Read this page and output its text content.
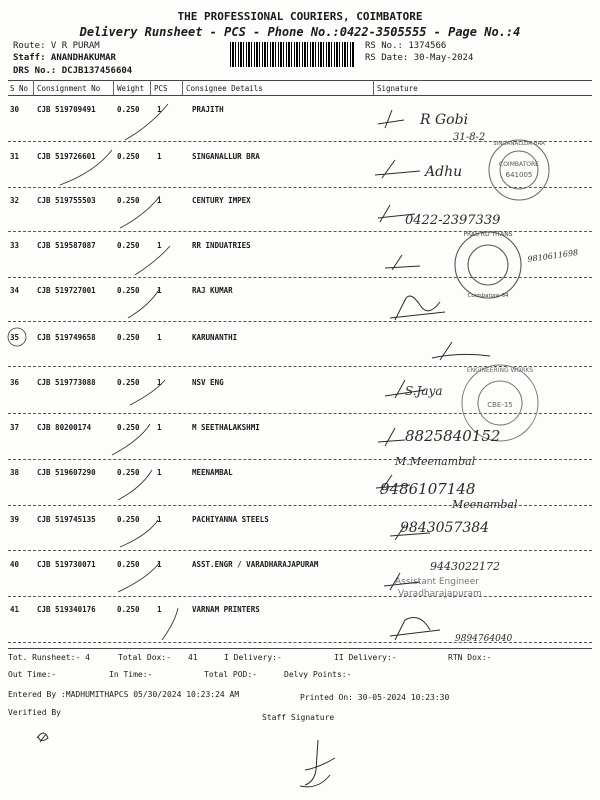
THE PROFESSIONAL COURIERS, COIMBATORE
Delivery Runsheet - PCS - Phone No.:0422-3505555 - Page No.:4
Route: V R PURAM
Staff: ANANDHAKUMAR
DRS No.: DCJB137456604
RS No.: 1374566
RS Date: 30-May-2024
S No Consignment No Weight PCS Consignee Details	Signature
30 CJB 519709491	0.250 1	PRAJITH
31 CJB 519726601	0.250 1	SINGANALLUR BRA
32 CJB 519755503	0.250 1	CENTURY IMPEX
33 CJB 519587087	0.250 1	RR INDUATRIES
34 CJB 519727001	0.250 1	RAJ KUMAR
35 CJB 519749658	0.250 1	KARUNANTHI
36 CJB 519773088	0.250 1	NSV ENG
37 CJB 80200174	0.250 1	M SEETHALAKSHMI
38 CJB 519607290	0.250 1	MEENAMBAL
39 CJB 519745135	0.250 1	PACHIYANNA STEELS
40 CJB 519730071	0.250 1	ASST.ENGR / VARADHARAJAPURAM
41 CJB 519340176	0.250 1	VARNAM PRINTERS
COIMBATORE
641005
SINGANALLUR BRA
PRAS RD TITANS
Coimbatore-64
ENGINEERING WORKS
CBE-15
Assistant Engineer
Varadharajapuram
R Gobi
31-8-2
Adhu
0422-2397339
9810611698
S.Jaya
8825840152
M.Meenambal
9486107148
Meenambal
9843057384
9443022172
9894764040
Tot. Runsheet:- 4	Total Dox:- 41	I Delivery:-	II Delivery:-	RTN Dox:-
Out Time:-	In Time:-	Total POD:-	Delvy Points:-
Entered By :MADHUMITHAPCS 05/30/2024 10:23:24 AM	Printed On: 30-05-2024 10:23:30
Verified By
Staff Signature
